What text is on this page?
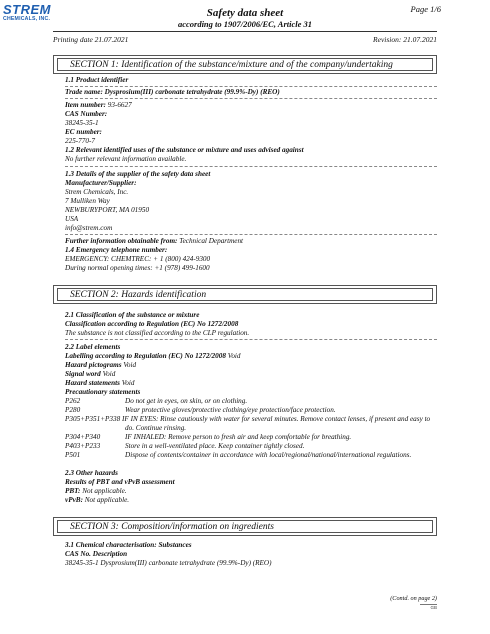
STREM
CHEMICALS, INC.
Page 1/6
Safety data sheet
according to 1907/2006/EC, Article 31
Printing date 21.07.2021	Revision: 21.07.2021
SECTION 1: Identification of the substance/mixture and of the company/undertaking
1.1 Product identifier
Trade name: Dysprosium(III) carbonate tetrahydrate (99.9%-Dy) (REO)
Item number: 93-6627
CAS Number:
38245-35-1
EC number:
225-770-7
1.2 Relevant identified uses of the substance or mixture and uses advised against
No further relevant information available.
1.3 Details of the supplier of the safety data sheet
Manufacturer/Supplier:
Strem Chemicals, Inc.
7 Mulliken Way
NEWBURYPORT, MA 01950
USA
info@strem.com
Further information obtainable from: Technical Department
1.4 Emergency telephone number:
EMERGENCY: CHEMTREC: + 1 (800) 424-9300
During normal opening times: +1 (978) 499-1600
SECTION 2: Hazards identification
2.1 Classification of the substance or mixture
Classification according to Regulation (EC) No 1272/2008
The substance is not classified according to the CLP regulation.
2.2 Label elements
Labelling according to Regulation (EC) No 1272/2008 Void
Hazard pictograms Void
Signal word Void
Hazard statements Void
Precautionary statements
P262	Do not get in eyes, on skin, or on clothing.
P280	Wear protective gloves/protective clothing/eye protection/face protection.
P305+P351+P338 IF IN EYES: Rinse cautiously with water for several minutes. Remove contact lenses, if present and easy to do. Continue rinsing.
P304+P340	IF INHALED: Remove person to fresh air and keep comfortable for breathing.
P403+P233	Store in a well-ventilated place. Keep container tightly closed.
P501	Dispose of contents/container in accordance with local/regional/national/international regulations.
2.3 Other hazards
Results of PBT and vPvB assessment
PBT: Not applicable.
vPvB: Not applicable.
SECTION 3: Composition/information on ingredients
3.1 Chemical characterisation: Substances
CAS No. Description
38245-35-1 Dysprosium(III) carbonate tetrahydrate (99.9%-Dy) (REO)
(Contd. on page 2)
GB
